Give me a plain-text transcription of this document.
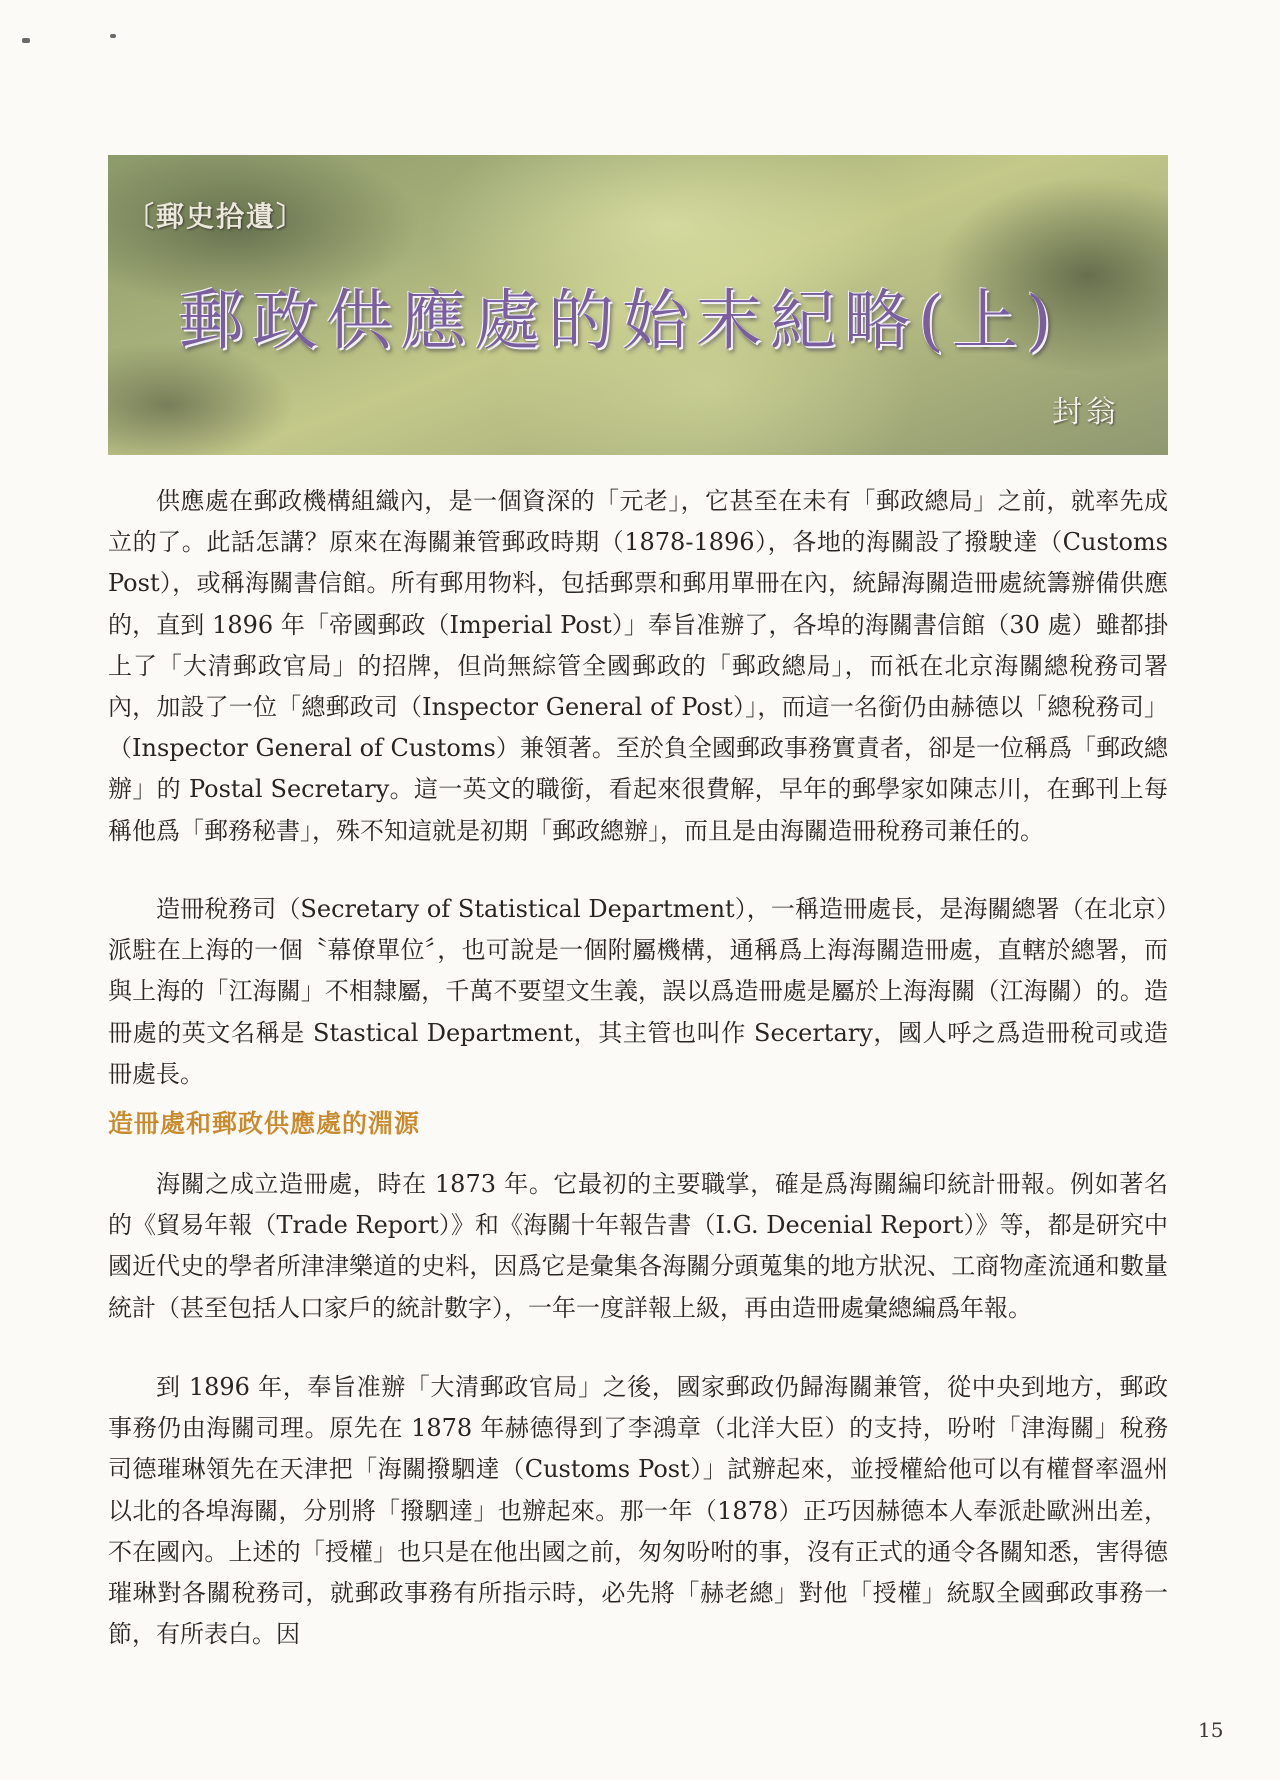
〔郵史拾遺〕
郵政供應處的始末紀略(上)
封翁

供應處在郵政機構組織內，是一個資深的「元老」，它甚至在未有「郵政總局」之前，就率先成立的了。此話怎講？原來在海關兼管郵政時期（1878-1896），各地的海關設了撥駛達（Customs Post），或稱海關書信館。所有郵用物料，包括郵票和郵用單冊在內，統歸海關造冊處統籌辦備供應的，直到 1896 年「帝國郵政（Imperial Post）」奉旨准辦了，各埠的海關書信館（30 處）雖都掛上了「大清郵政官局」的招牌，但尚無綜管全國郵政的「郵政總局」，而祇在北京海關總稅務司署內，加設了一位「總郵政司（Inspector General of Post）」，而這一名銜仍由赫德以「總稅務司」（Inspector General of Customs）兼領著。至於負全國郵政事務實責者，卻是一位稱爲「郵政總辦」的 Postal Secretary。這一英文的職銜，看起來很費解，早年的郵學家如陳志川，在郵刊上每稱他爲「郵務秘書」，殊不知這就是初期「郵政總辦」，而且是由海關造冊稅務司兼任的。

造冊稅務司（Secretary of Statistical Department），一稱造冊處長，是海關總署（在北京）派駐在上海的一個〝幕僚單位〞，也可說是一個附屬機構，通稱爲上海海關造冊處，直轄於總署，而與上海的「江海關」不相隸屬，千萬不要望文生義，誤以爲造冊處是屬於上海海關（江海關）的。造冊處的英文名稱是 Stastical Department，其主管也叫作 Secertary，國人呼之爲造冊稅司或造冊處長。

造冊處和郵政供應處的淵源

海關之成立造冊處，時在 1873 年。它最初的主要職掌，確是爲海關編印統計冊報。例如著名的《貿易年報（Trade Report）》和《海關十年報告書（I.G. Decenial Report）》等，都是研究中國近代史的學者所津津樂道的史料，因爲它是彙集各海關分頭蒐集的地方狀況、工商物產流通和數量統計（甚至包括人口家戶的統計數字），一年一度詳報上級，再由造冊處彙總編爲年報。

到 1896 年，奉旨准辦「大清郵政官局」之後，國家郵政仍歸海關兼管，從中央到地方，郵政事務仍由海關司理。原先在 1878 年赫德得到了李鴻章（北洋大臣）的支持，吩咐「津海關」稅務司德璀琳領先在天津把「海關撥駟達（Customs Post）」試辦起來，並授權給他可以有權督率溫州以北的各埠海關，分別將「撥駟達」也辦起來。那一年（1878）正巧因赫德本人奉派赴歐洲出差，不在國內。上述的「授權」也只是在他出國之前，匆匆吩咐的事，沒有正式的通令各關知悉，害得德璀琳對各關稅務司，就郵政事務有所指示時，必先將「赫老總」對他「授權」統馭全國郵政事務一節，有所表白。因

15
